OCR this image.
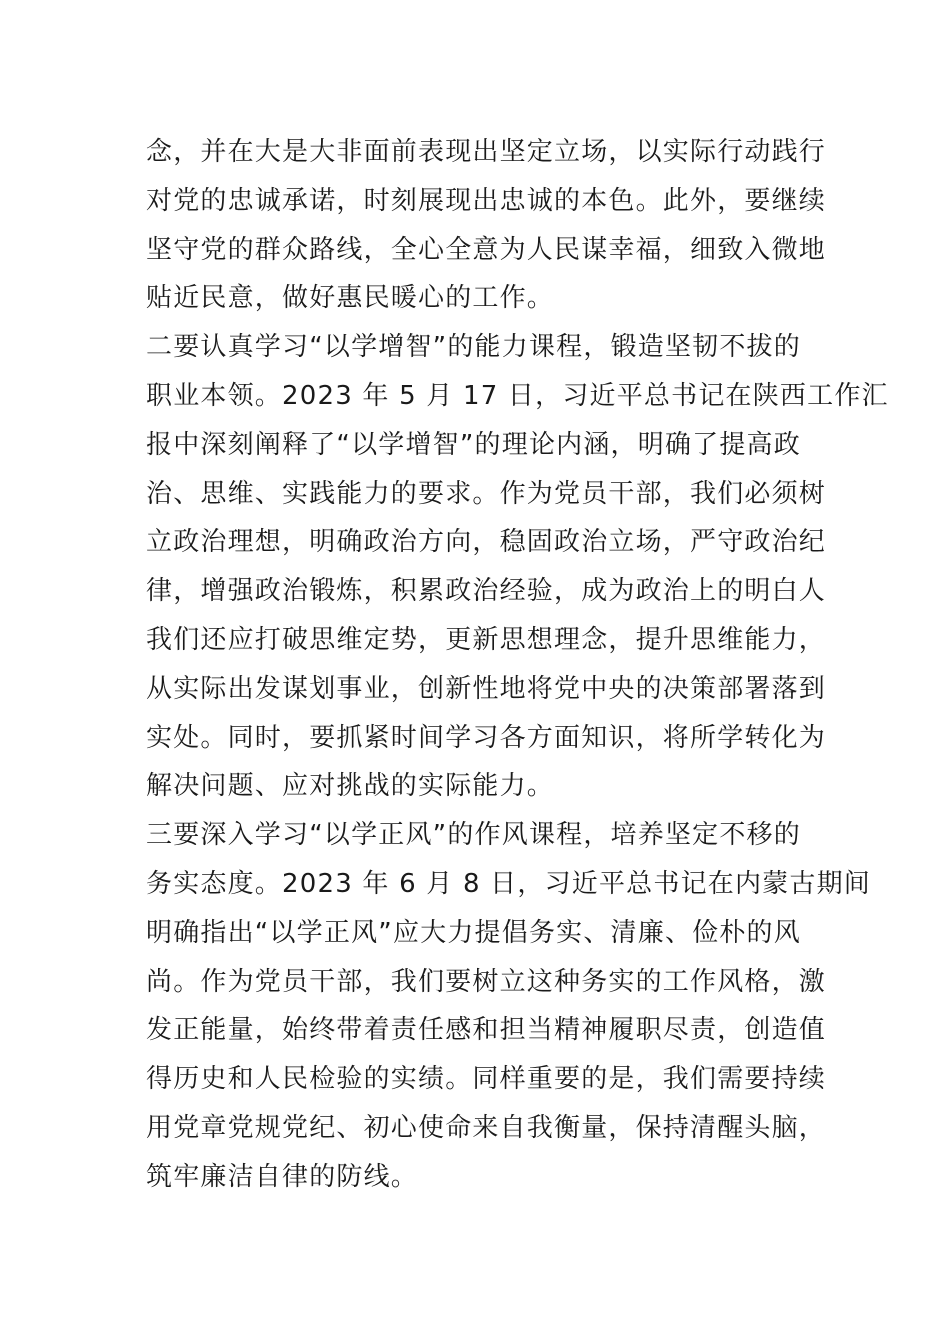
念，并在大是大非面前表现出坚定立场，以实际行动践行
对党的忠诚承诺，时刻展现出忠诚的本色。此外，要继续
坚守党的群众路线，全心全意为人民谋幸福，细致入微地
贴近民意，做好惠民暖心的工作。
二要认真学习“以学增智”的能力课程，锻造坚韧不拔的
职业本领。2023 年 5 月 17 日，习近平总书记在陕西工作汇
报中深刻阐释了“以学增智”的理论内涵，明确了提高政
治、思维、实践能力的要求。作为党员干部，我们必须树
立政治理想，明确政治方向，稳固政治立场，严守政治纪
律，增强政治锻炼，积累政治经验，成为政治上的明白人
我们还应打破思维定势，更新思想理念，提升思维能力，
从实际出发谋划事业，创新性地将党中央的决策部署落到
实处。同时，要抓紧时间学习各方面知识，将所学转化为
解决问题、应对挑战的实际能力。
三要深入学习“以学正风”的作风课程，培养坚定不移的
务实态度。2023 年 6 月 8 日，习近平总书记在内蒙古期间
明确指出“以学正风”应大力提倡务实、清廉、俭朴的风
尚。作为党员干部，我们要树立这种务实的工作风格，激
发正能量，始终带着责任感和担当精神履职尽责，创造值
得历史和人民检验的实绩。同样重要的是，我们需要持续
用党章党规党纪、初心使命来自我衡量，保持清醒头脑，
筑牢廉洁自律的防线。
